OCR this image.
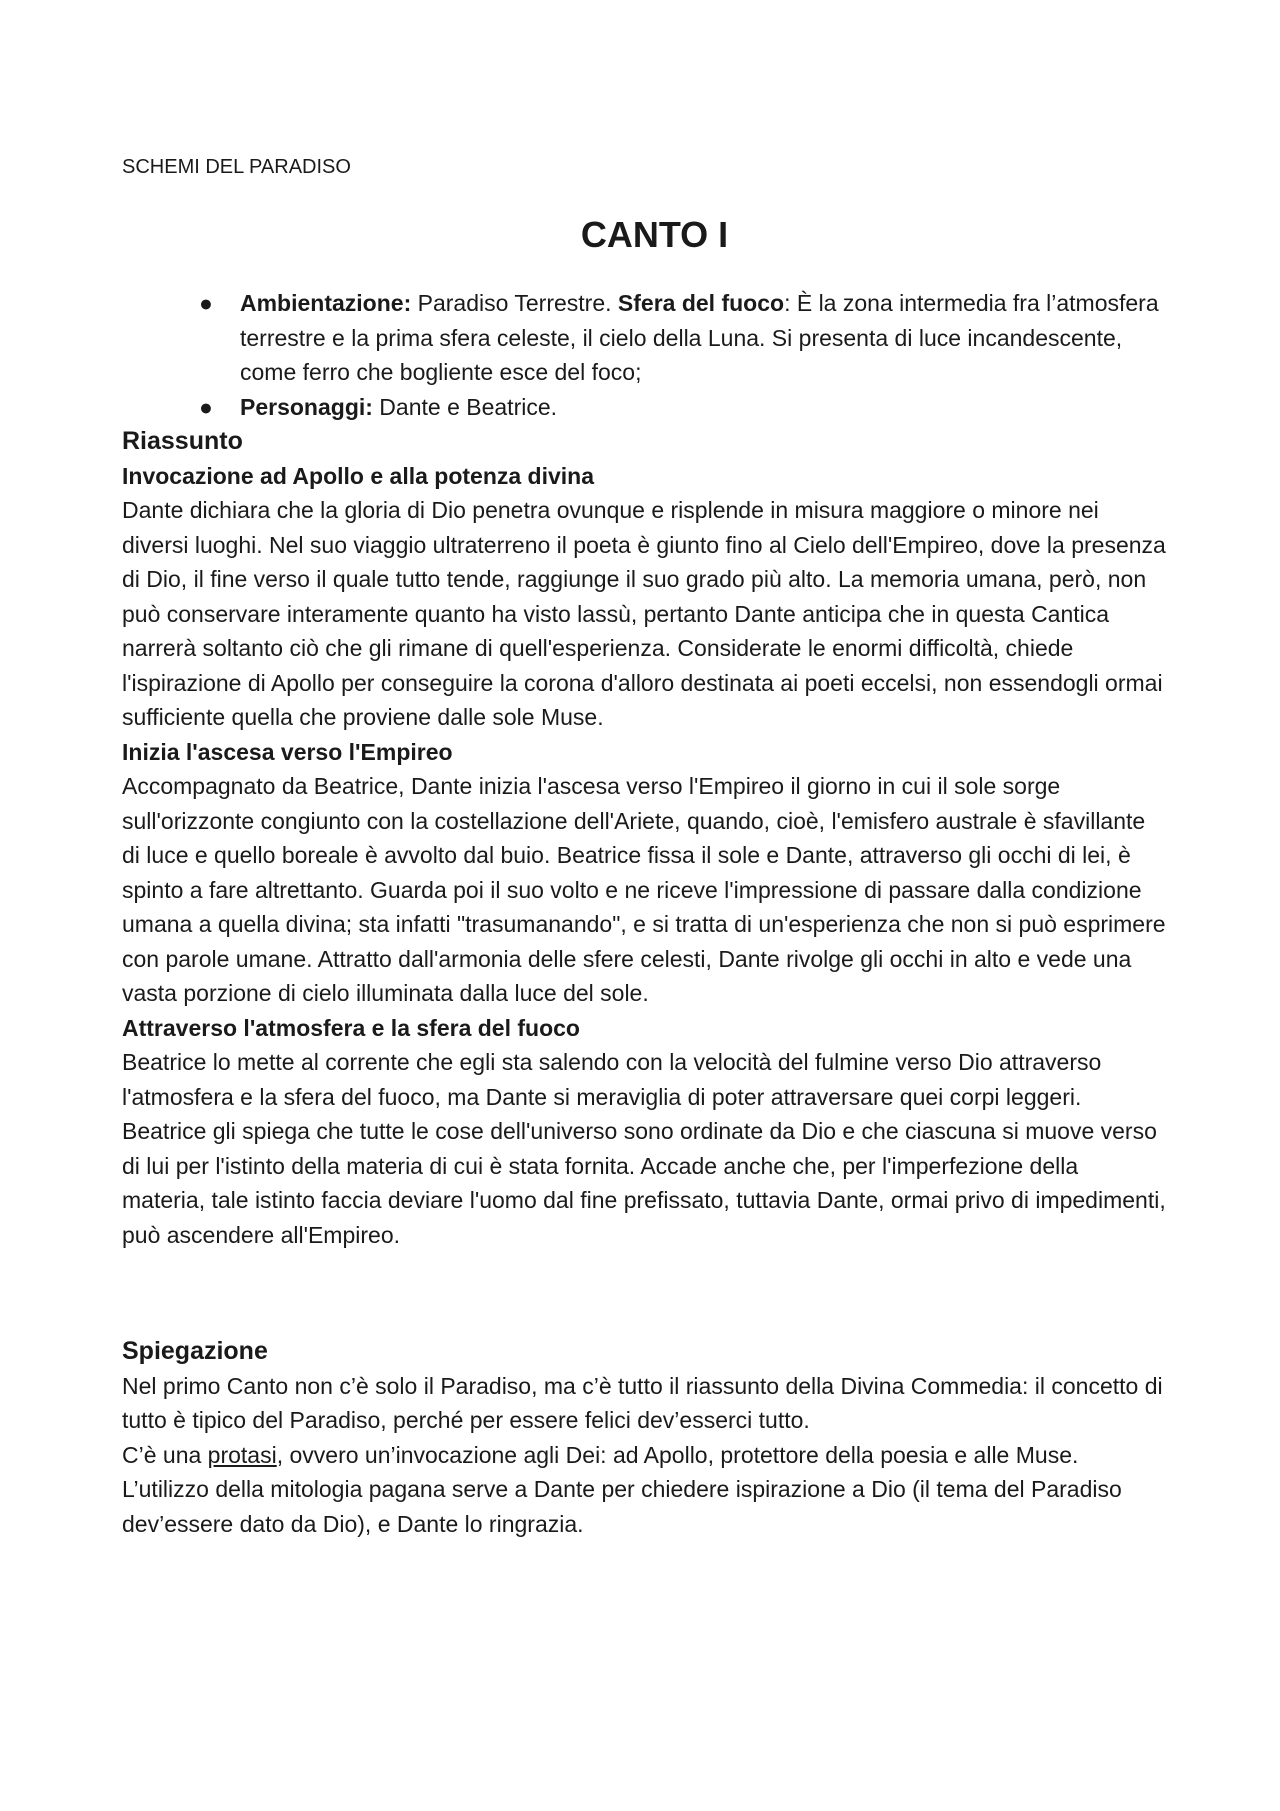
SCHEMI DEL PARADISO

CANTO I
● Ambientazione: Paradiso Terrestre. Sfera del fuoco: È la zona intermedia fra l’atmosfera terrestre e la prima sfera celeste, il cielo della Luna. Si presenta di luce incandescente, come ferro che bogliente esce del foco;
● Personaggi: Dante e Beatrice.
Riassunto
Invocazione ad Apollo e alla potenza divina

Dante dichiara che la gloria di Dio penetra ovunque e risplende in misura maggiore o minore nei diversi luoghi. Nel suo viaggio ultraterreno il poeta è giunto fino al Cielo dell'Empireo, dove la presenza di Dio, il fine verso il quale tutto tende, raggiunge il suo grado più alto. La memoria umana, però, non può conservare interamente quanto ha visto lassù, pertanto Dante anticipa che in questa Cantica narrerà soltanto ciò che gli rimane di quell'esperienza. Considerate le enormi difficoltà, chiede l'ispirazione di Apollo per conseguire la corona d'alloro destinata ai poeti eccelsi, non essendogli ormai sufficiente quella che proviene dalle sole Muse.

Inizia l'ascesa verso l'Empireo

Accompagnato da Beatrice, Dante inizia l'ascesa verso l'Empireo il giorno in cui il sole sorge sull'orizzonte congiunto con la costellazione dell'Ariete, quando, cioè, l'emisfero australe è sfavillante di luce e quello boreale è avvolto dal buio. Beatrice fissa il sole e Dante, attraverso gli occhi di lei, è spinto a fare altrettanto. Guarda poi il suo volto e ne riceve l'impressione di passare dalla condizione umana a quella divina; sta infatti "trasumanando", e si tratta di un'esperienza che non si può esprimere con parole umane. Attratto dall'armonia delle sfere celesti, Dante rivolge gli occhi in alto e vede una vasta porzione di cielo illuminata dalla luce del sole.

Attraverso l'atmosfera e la sfera del fuoco

Beatrice lo mette al corrente che egli sta salendo con la velocità del fulmine verso Dio attraverso l'atmosfera e la sfera del fuoco, ma Dante si meraviglia di poter attraversare quei corpi leggeri. Beatrice gli spiega che tutte le cose dell'universo sono ordinate da Dio e che ciascuna si muove verso di lui per l'istinto della materia di cui è stata fornita. Accade anche che, per l'imperfezione della materia, tale istinto faccia deviare l'uomo dal fine prefissato, tuttavia Dante, ormai privo di impedimenti, può ascendere all'Empireo.

Spiegazione

Nel primo Canto non c’è solo il Paradiso, ma c’è tutto il riassunto della Divina Commedia: il concetto di tutto è tipico del Paradiso, perché per essere felici dev’esserci tutto.

C’è una protasi, ovvero un’invocazione agli Dei: ad Apollo, protettore della poesia e alle Muse. L’utilizzo della mitologia pagana serve a Dante per chiedere ispirazione a Dio (il tema del Paradiso dev’essere dato da Dio), e Dante lo ringrazia.
